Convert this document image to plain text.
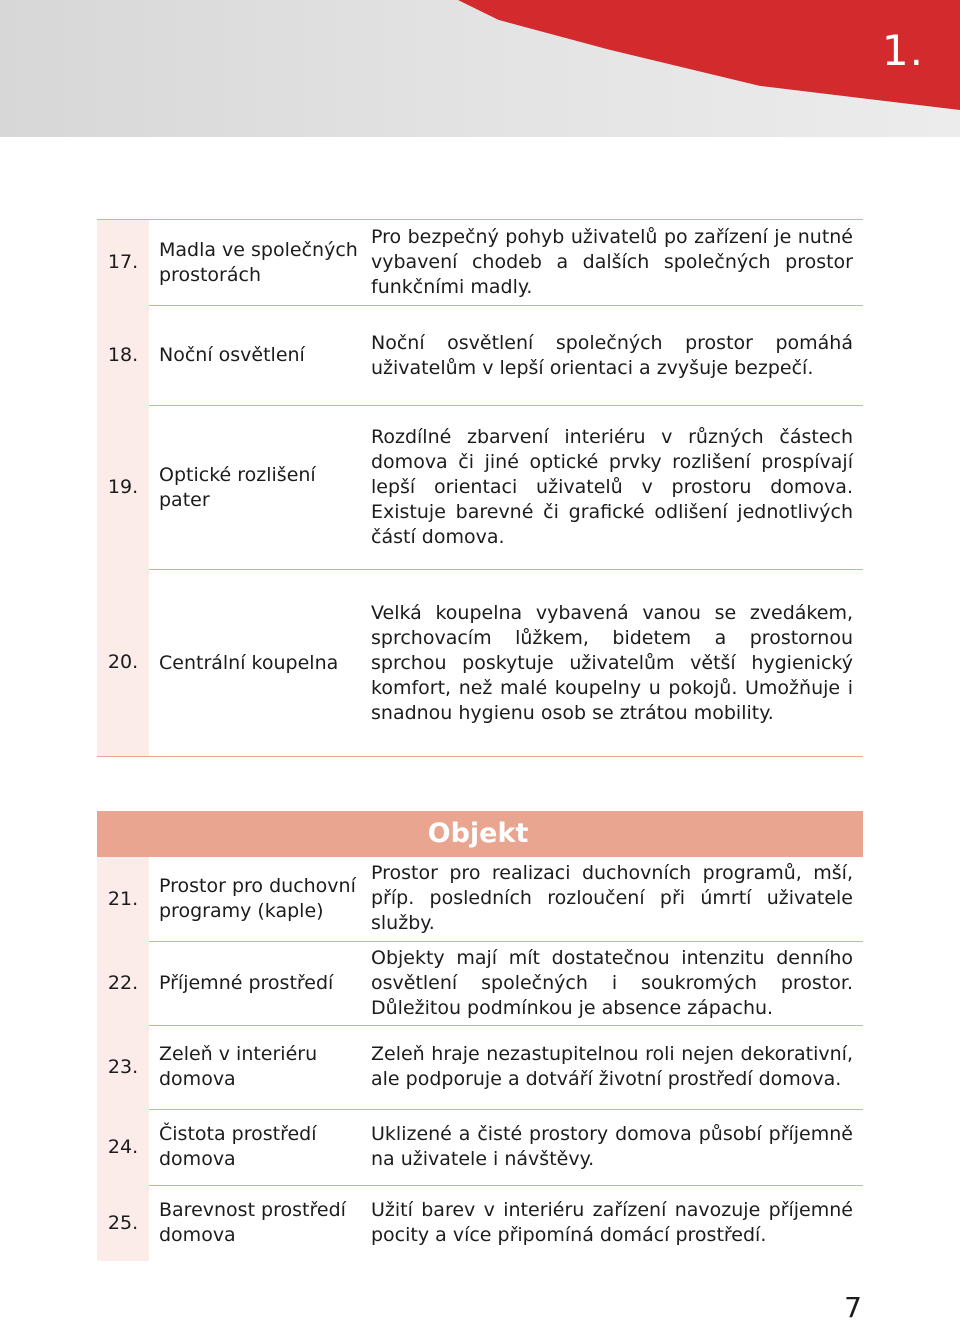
1.
17.	Madla ve společných prostorách	Pro bezpečný pohyb uživatelů po zařízení je nutné vybavení chodeb a dalších společných prostor funkčními madly.
18.	Noční osvětlení	Noční osvětlení společných prostor pomáhá uživatelům v lepší orientaci a zvyšuje bezpečí.
19.	Optické rozlišení pater	Rozdílné zbarvení interiéru v různých částech domova či jiné optické prvky rozlišení prospívají lepší orientaci uživatelů v prostoru domova. Existuje barevné či grafické odlišení jednotlivých částí domova.
20.	Centrální koupelna	Velká koupelna vybavená vanou se zvedákem, sprchovacím lůžkem, bidetem a prostornou sprchou poskytuje uživatelům větší hygienický komfort, než malé koupelny u pokojů. Umožňuje i snadnou hygienu osob se ztrátou mobility.
Objekt
21.	Prostor pro duchovní programy (kaple)	Prostor pro realizaci duchovních programů, mší, příp. posledních rozloučení při úmrtí uživatele služby.
22.	Příjemné prostředí	Objekty mají mít dostatečnou intenzitu denního osvětlení společných i soukromých prostor. Důležitou podmínkou je absence zápachu.
23.	Zeleň v interiéru domova	Zeleň hraje nezastupitelnou roli nejen dekorativní, ale podporuje a dotváří životní prostředí domova.
24.	Čistota prostředí domova	Uklizené a čisté prostory domova působí příjemně na uživatele i návštěvy.
25.	Barevnost prostředí domova	Užití barev v interiéru zařízení navozuje příjemné pocity a více připomíná domácí prostředí.
7
